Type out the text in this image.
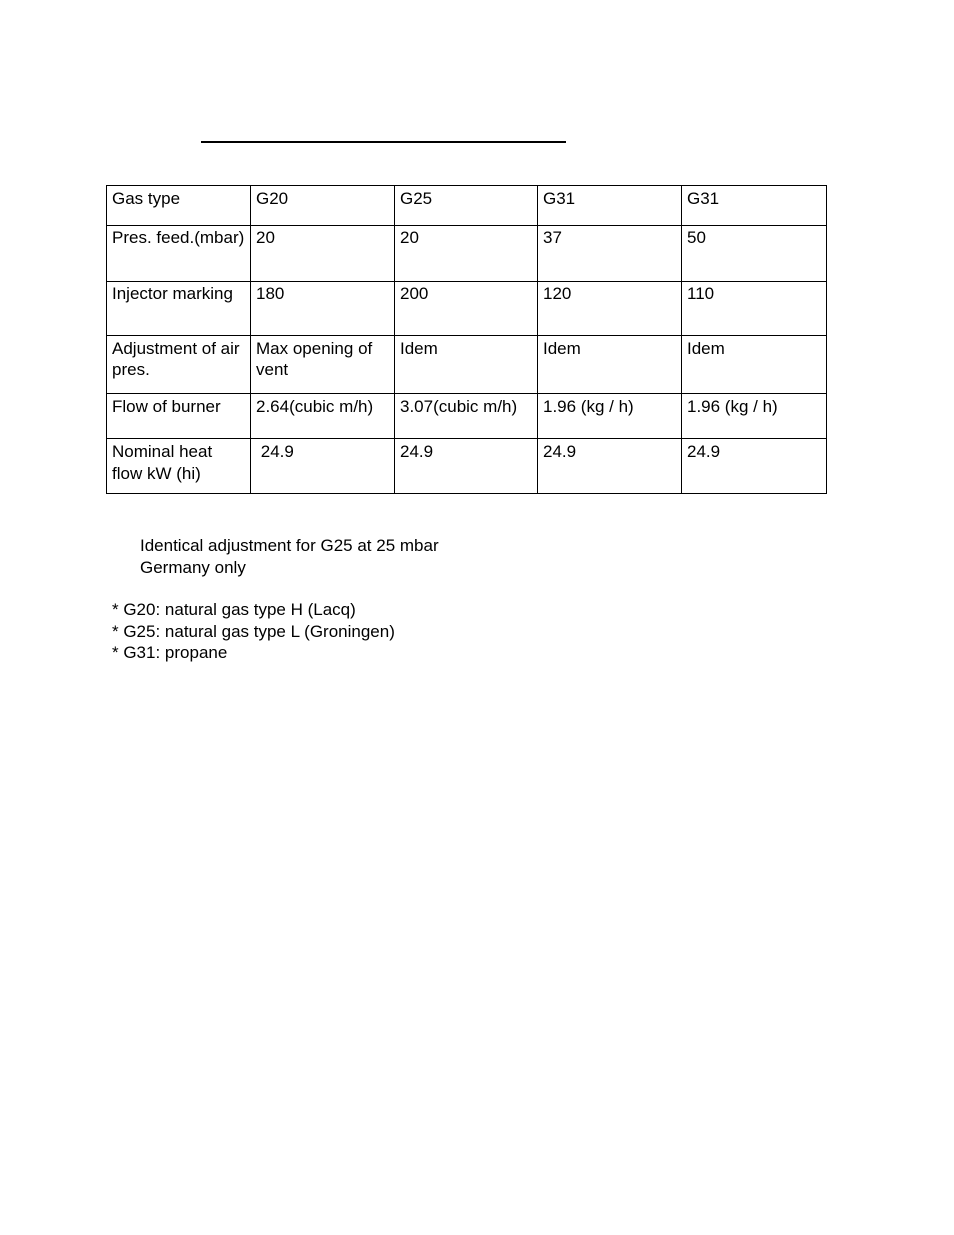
Gas type	G20	G25	G31	G31
Pres. feed.(mbar)	20	20	37	50
Injector marking	180	200	120	110
Adjustment of air pres.	Max opening of vent	Idem	Idem	Idem
Flow of burner	2.64(cubic m/h)	3.07(cubic m/h)	1.96 (kg / h)	1.96 (kg / h)
Nominal heat flow kW (hi)	24.9	24.9	24.9	24.9
Identical adjustment for G25 at 25 mbar
Germany only
* G20: natural gas type H (Lacq)
* G25: natural gas type L (Groningen)
* G31: propane
